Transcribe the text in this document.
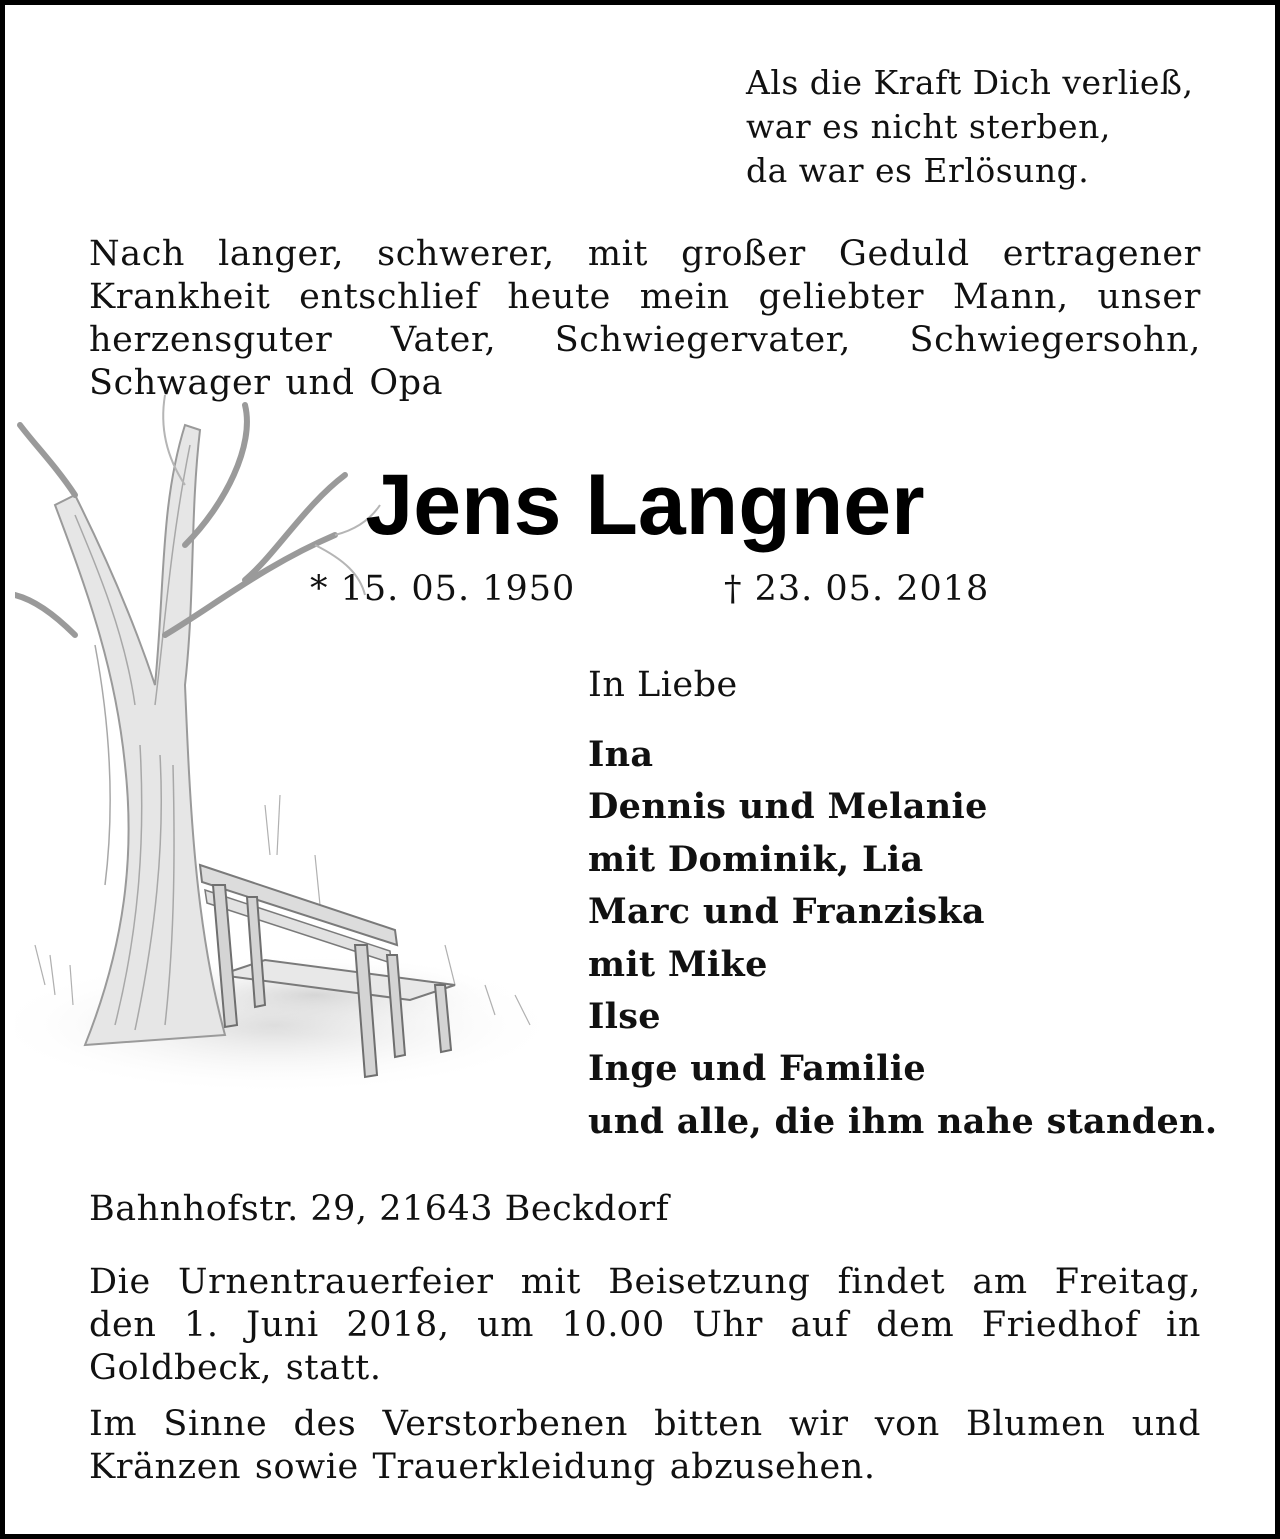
Als die Kraft Dich verließ,
war es nicht sterben,
da war es Erlösung.
Nach langer, schwerer, mit großer Geduld ertragener Krankheit entschlief heute mein geliebter Mann, unser herzensguter Vater, Schwiegervater, Schwiegersohn, Schwager und Opa
Jens Langner
* 15. 05. 1950	† 23. 05. 2018
In Liebe
Ina
Dennis und Melanie
mit Dominik, Lia
Marc und Franziska
mit Mike
Ilse
Inge und Familie
und alle, die ihm nahe standen.
Bahnhofstr. 29, 21643 Beckdorf
Die Urnentrauerfeier mit Beisetzung findet am Freitag, den 1. Juni 2018, um 10.00 Uhr auf dem Friedhof in Goldbeck, statt.
Im Sinne des Verstorbenen bitten wir von Blumen und Kränzen sowie Trauerkleidung abzusehen.
